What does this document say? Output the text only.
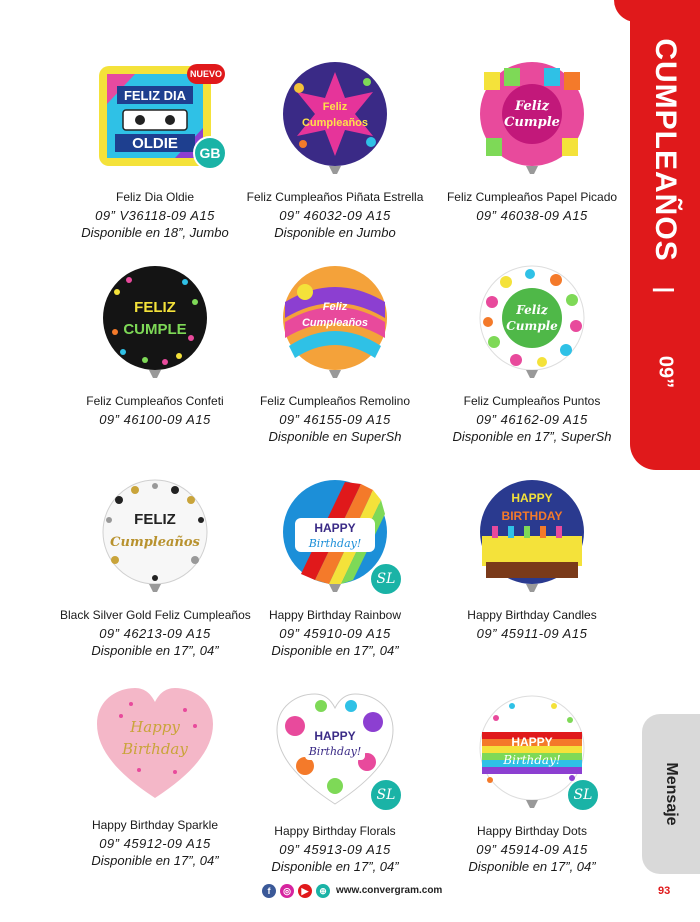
CUMPLEAÑOS
|
09”
Mensaje
FELIZ DIA
OLDIE
NUEVO
GB
Feliz Dia Oldie
09” V36118-09 A15
Disponible en 18”, Jumbo
Feliz
Cumpleaños
Feliz Cumpleaños Piñata Estrella
09” 46032-09 A15
Disponible en Jumbo
Feliz
Cumple
Feliz Cumpleaños Papel Picado
09” 46038-09 A15
FELIZ
CUMPLE
Feliz Cumpleaños Confeti
09” 46100-09 A15
Feliz
Cumpleaños
Feliz Cumpleaños Remolino
09” 46155-09 A15
Disponible en SuperSh
Feliz
Cumple
Feliz Cumpleaños Puntos
09” 46162-09 A15
Disponible en 17”, SuperSh
FELIZ
Cumpleaños
Black Silver Gold Feliz Cumpleaños
09” 46213-09 A15
Disponible en 17”, 04”
HAPPY
Birthday!
SL
Happy Birthday Rainbow
09” 45910-09 A15
Disponible en 17”, 04”
HAPPY
BIRTHDAY
Happy Birthday Candles
09” 45911-09 A15
Happy
Birthday
Happy Birthday Sparkle
09” 45912-09 A15
Disponible en 17”, 04”
HAPPY
Birthday!
SL
Happy Birthday Florals
09” 45913-09 A15
Disponible en 17”, 04”
HAPPY
Birthday!
SL
Happy Birthday Dots
09” 45914-09 A15
Disponible en 17”, 04”
f	◎	▶	⊕ www.convergram.com	93
